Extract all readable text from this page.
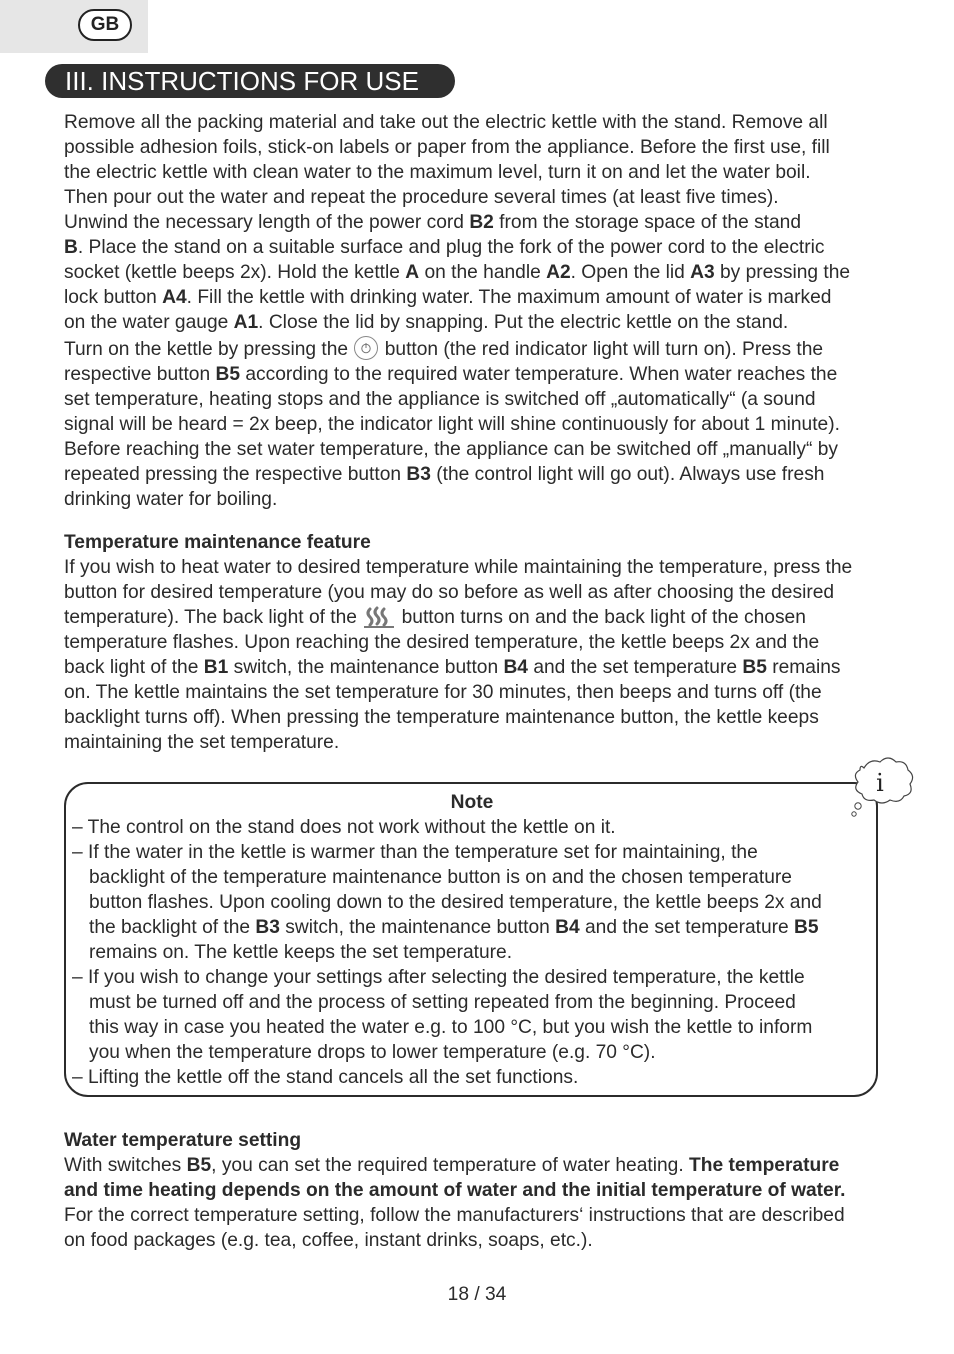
GB
III. INSTRUCTIONS FOR USE
Remove all the packing material and take out the electric kettle with the stand. Remove all
possible adhesion foils, stick-on labels or paper from the appliance. Before the first use, fill
the electric kettle with clean water to the maximum level, turn it on and let the water boil.
Then pour out the water and repeat the procedure several times (at least five times).
Unwind the necessary length of the power cord B2 from the storage space of the stand
B. Place the stand on a suitable surface and plug the fork of the power cord to the electric
socket (kettle beeps 2x). Hold the kettle A on the handle A2. Open the lid A3 by pressing the
lock button A4. Fill the kettle with drinking water. The maximum amount of water is marked
on the water gauge A1. Close the lid by snapping. Put the electric kettle on the stand.
Turn on the kettle by pressing the  button (the red indicator light will turn on). Press the
respective button B5 according to the required water temperature. When water reaches the
set temperature, heating stops and the appliance is switched off „automatically“ (a sound
signal will be heard = 2x beep, the indicator light will shine continuously for about 1 minute).
Before reaching the set water temperature, the appliance can be switched off „manually“ by
repeated pressing the respective button B3 (the control light will go out). Always use fresh
drinking water for boiling.
Temperature maintenance feature
If you wish to heat water to desired temperature while maintaining the temperature, press the
button for desired temperature (you may do so before as well as after choosing the desired
temperature). The back light of the  button turns on and the back light of the chosen
temperature flashes. Upon reaching the desired temperature, the kettle beeps 2x and the
back light of the B1 switch, the maintenance button B4 and the set temperature B5 remains
on. The kettle maintains the set temperature for 30 minutes, then beeps and turns off (the
backlight turns off). When pressing the temperature maintenance button, the kettle keeps
maintaining the set temperature.
i
Note
– The control on the stand does not work without the kettle on it.
– If the water in the kettle is warmer than the temperature set for maintaining, the
backlight of the temperature maintenance button is on and the chosen temperature
button flashes. Upon cooling down to the desired temperature, the kettle beeps 2x and
the backlight of the B3 switch, the maintenance button B4 and the set temperature B5
remains on. The kettle keeps the set temperature.
– If you wish to change your settings after selecting the desired temperature, the kettle
must be turned off and the process of setting repeated from the beginning. Proceed
this way in case you heated the water e.g. to 100 °C, but you wish the kettle to inform
you when the temperature drops to lower temperature (e.g. 70 °C).
– Lifting the kettle off the stand cancels all the set functions.
Water temperature setting
With switches B5, you can set the required temperature of water heating. The temperature
and time heating depends on the amount of water and the initial temperature of water.
For the correct temperature setting, follow the manufacturers‘ instructions that are described
on food packages (e.g. tea, coffee, instant drinks, soaps, etc.).
18 / 34
